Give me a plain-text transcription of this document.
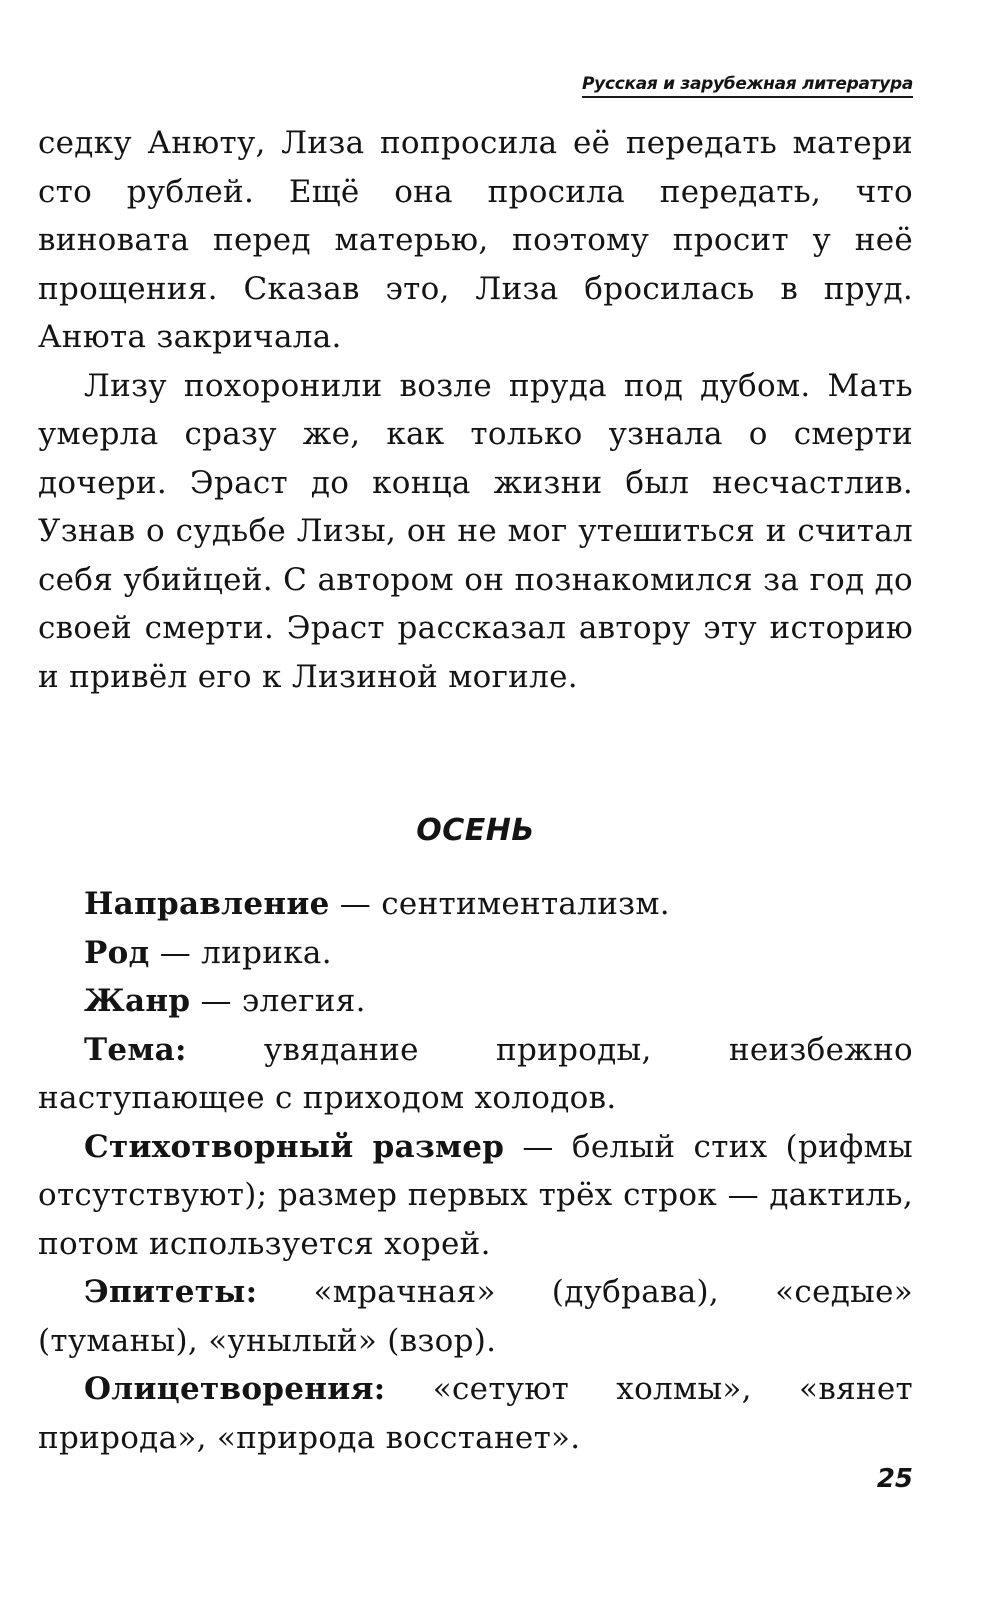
Русская и зарубежная литература

седку Анюту, Лиза попросила её передать матери сто рублей. Ещё она просила передать, что виновата перед матерью, поэтому просит у неё прощения. Сказав это, Лиза бросилась в пруд. Анюта закричала.

Лизу похоронили возле пруда под дубом. Мать умерла сразу же, как только узнала о смерти дочери. Эраст до конца жизни был несчастлив. Узнав о судьбе Лизы, он не мог утешиться и считал себя убийцей. С автором он познакомился за год до своей смерти. Эраст рассказал автору эту историю и привёл его к Лизиной могиле.

ОСЕНЬ

Направление — сентиментализм.

Род — лирика.

Жанр — элегия.

Тема: увядание природы, неизбежно наступающее с приходом холодов.

Стихотворный размер — белый стих (рифмы отсутствуют); размер первых трёх строк — дактиль, потом используется хорей.

Эпитеты: «мрачная» (дубрава), «седые» (туманы), «унылый» (взор).

Олицетворения: «сетуют холмы», «вянет природа», «природа восстанет».

25
